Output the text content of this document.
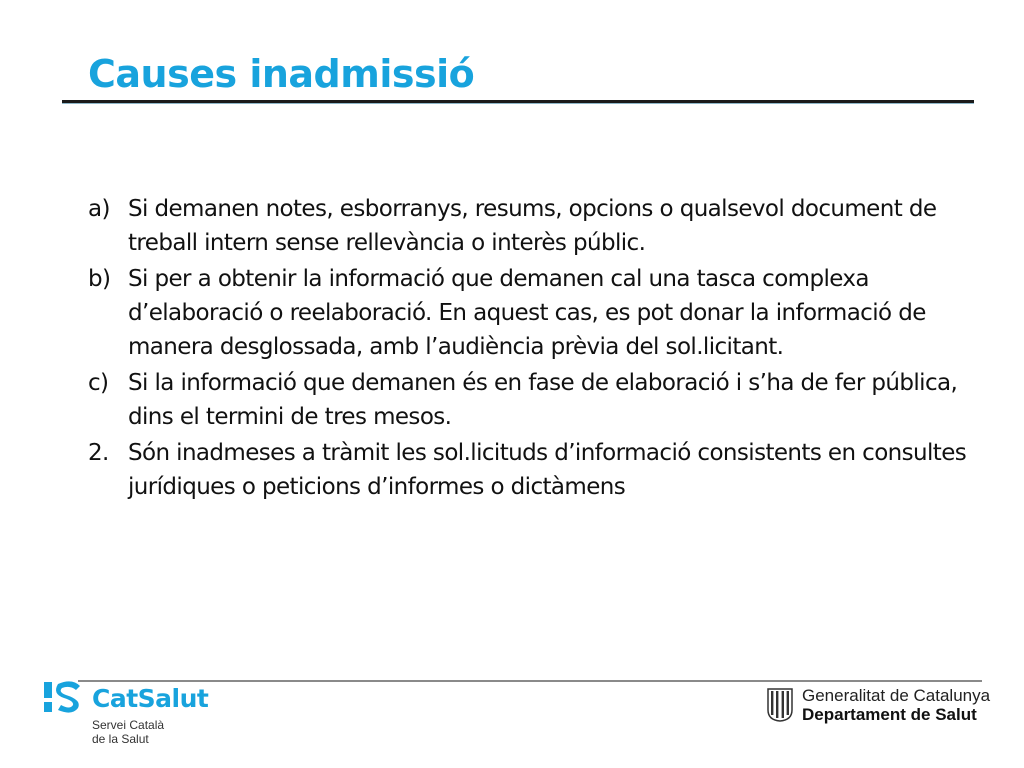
Causes inadmissió
a) Si demanen notes, esborranys, resums, opcions o qualsevol document de treball intern sense rellevància o interès públic.
b) Si per a obtenir la informació que demanen cal una tasca complexa d’elaboració o reelaboració. En aquest cas, es pot donar la informació de manera desglossada, amb l’audiència prèvia del sol.licitant.
c) Si la informació que demanen és en fase de elaboració i s’ha de fer pública, dins el termini de tres mesos.
2. Són inadmeses a tràmit les sol.licituds d’informació consistents en consultes jurídiques o peticions d’informes o dictàmens
CatSalut
Servei Català
de la Salut
Generalitat de Catalunya
Departament de Salut
